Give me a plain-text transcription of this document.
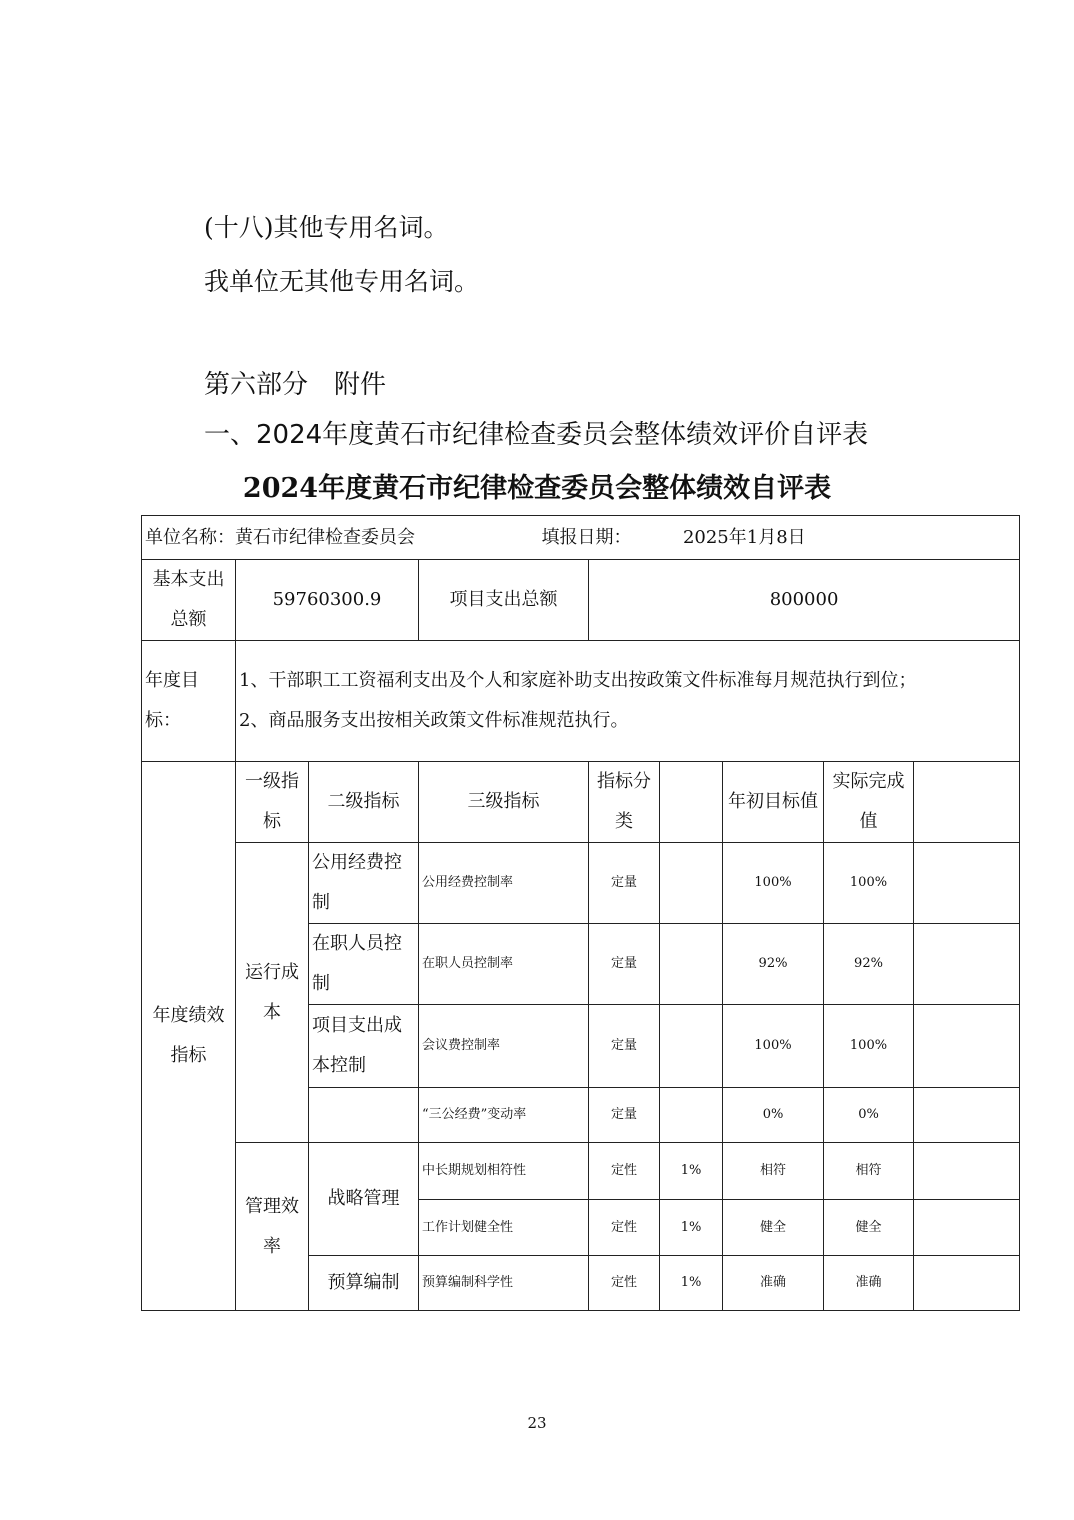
(十八)其他专用名词。
我单位无其他专用名词。
第六部分　附件
一、2024年度黄石市纪律检查委员会整体绩效评价自评表
2024年度黄石市纪律检查委员会整体绩效自评表
单位名称：黄石市纪律检查委员会 填报日期： 2025年1月8日								
基本支出总额	59760300.9		项目支出总额	800000				
年度目标：	1、干部职工工资福利支出及个人和家庭补助支出按政策文件标准每月规范执行到位；
2、商品服务支出按相关政策文件标准规范执行。							

年度绩效指标	一级指标	二级指标	三级指标	指标分类		年初目标值	实际完成值	
	运行成本	公用经费控制	公用经费控制率	定量		100%	100%	
		在职人员控制	在职人员控制率	定量		92%	92%	
		项目支出成本控制	会议费控制率	定量		100%	100%	
			“三公经费”变动率	定量		0%	0%	
	管理效率	战略管理	中长期规划相符性	定性	1%	相符	相符	
			工作计划健全性	定性	1%	健全	健全	
		预算编制	预算编制科学性	定性	1%	准确	准确	
23
